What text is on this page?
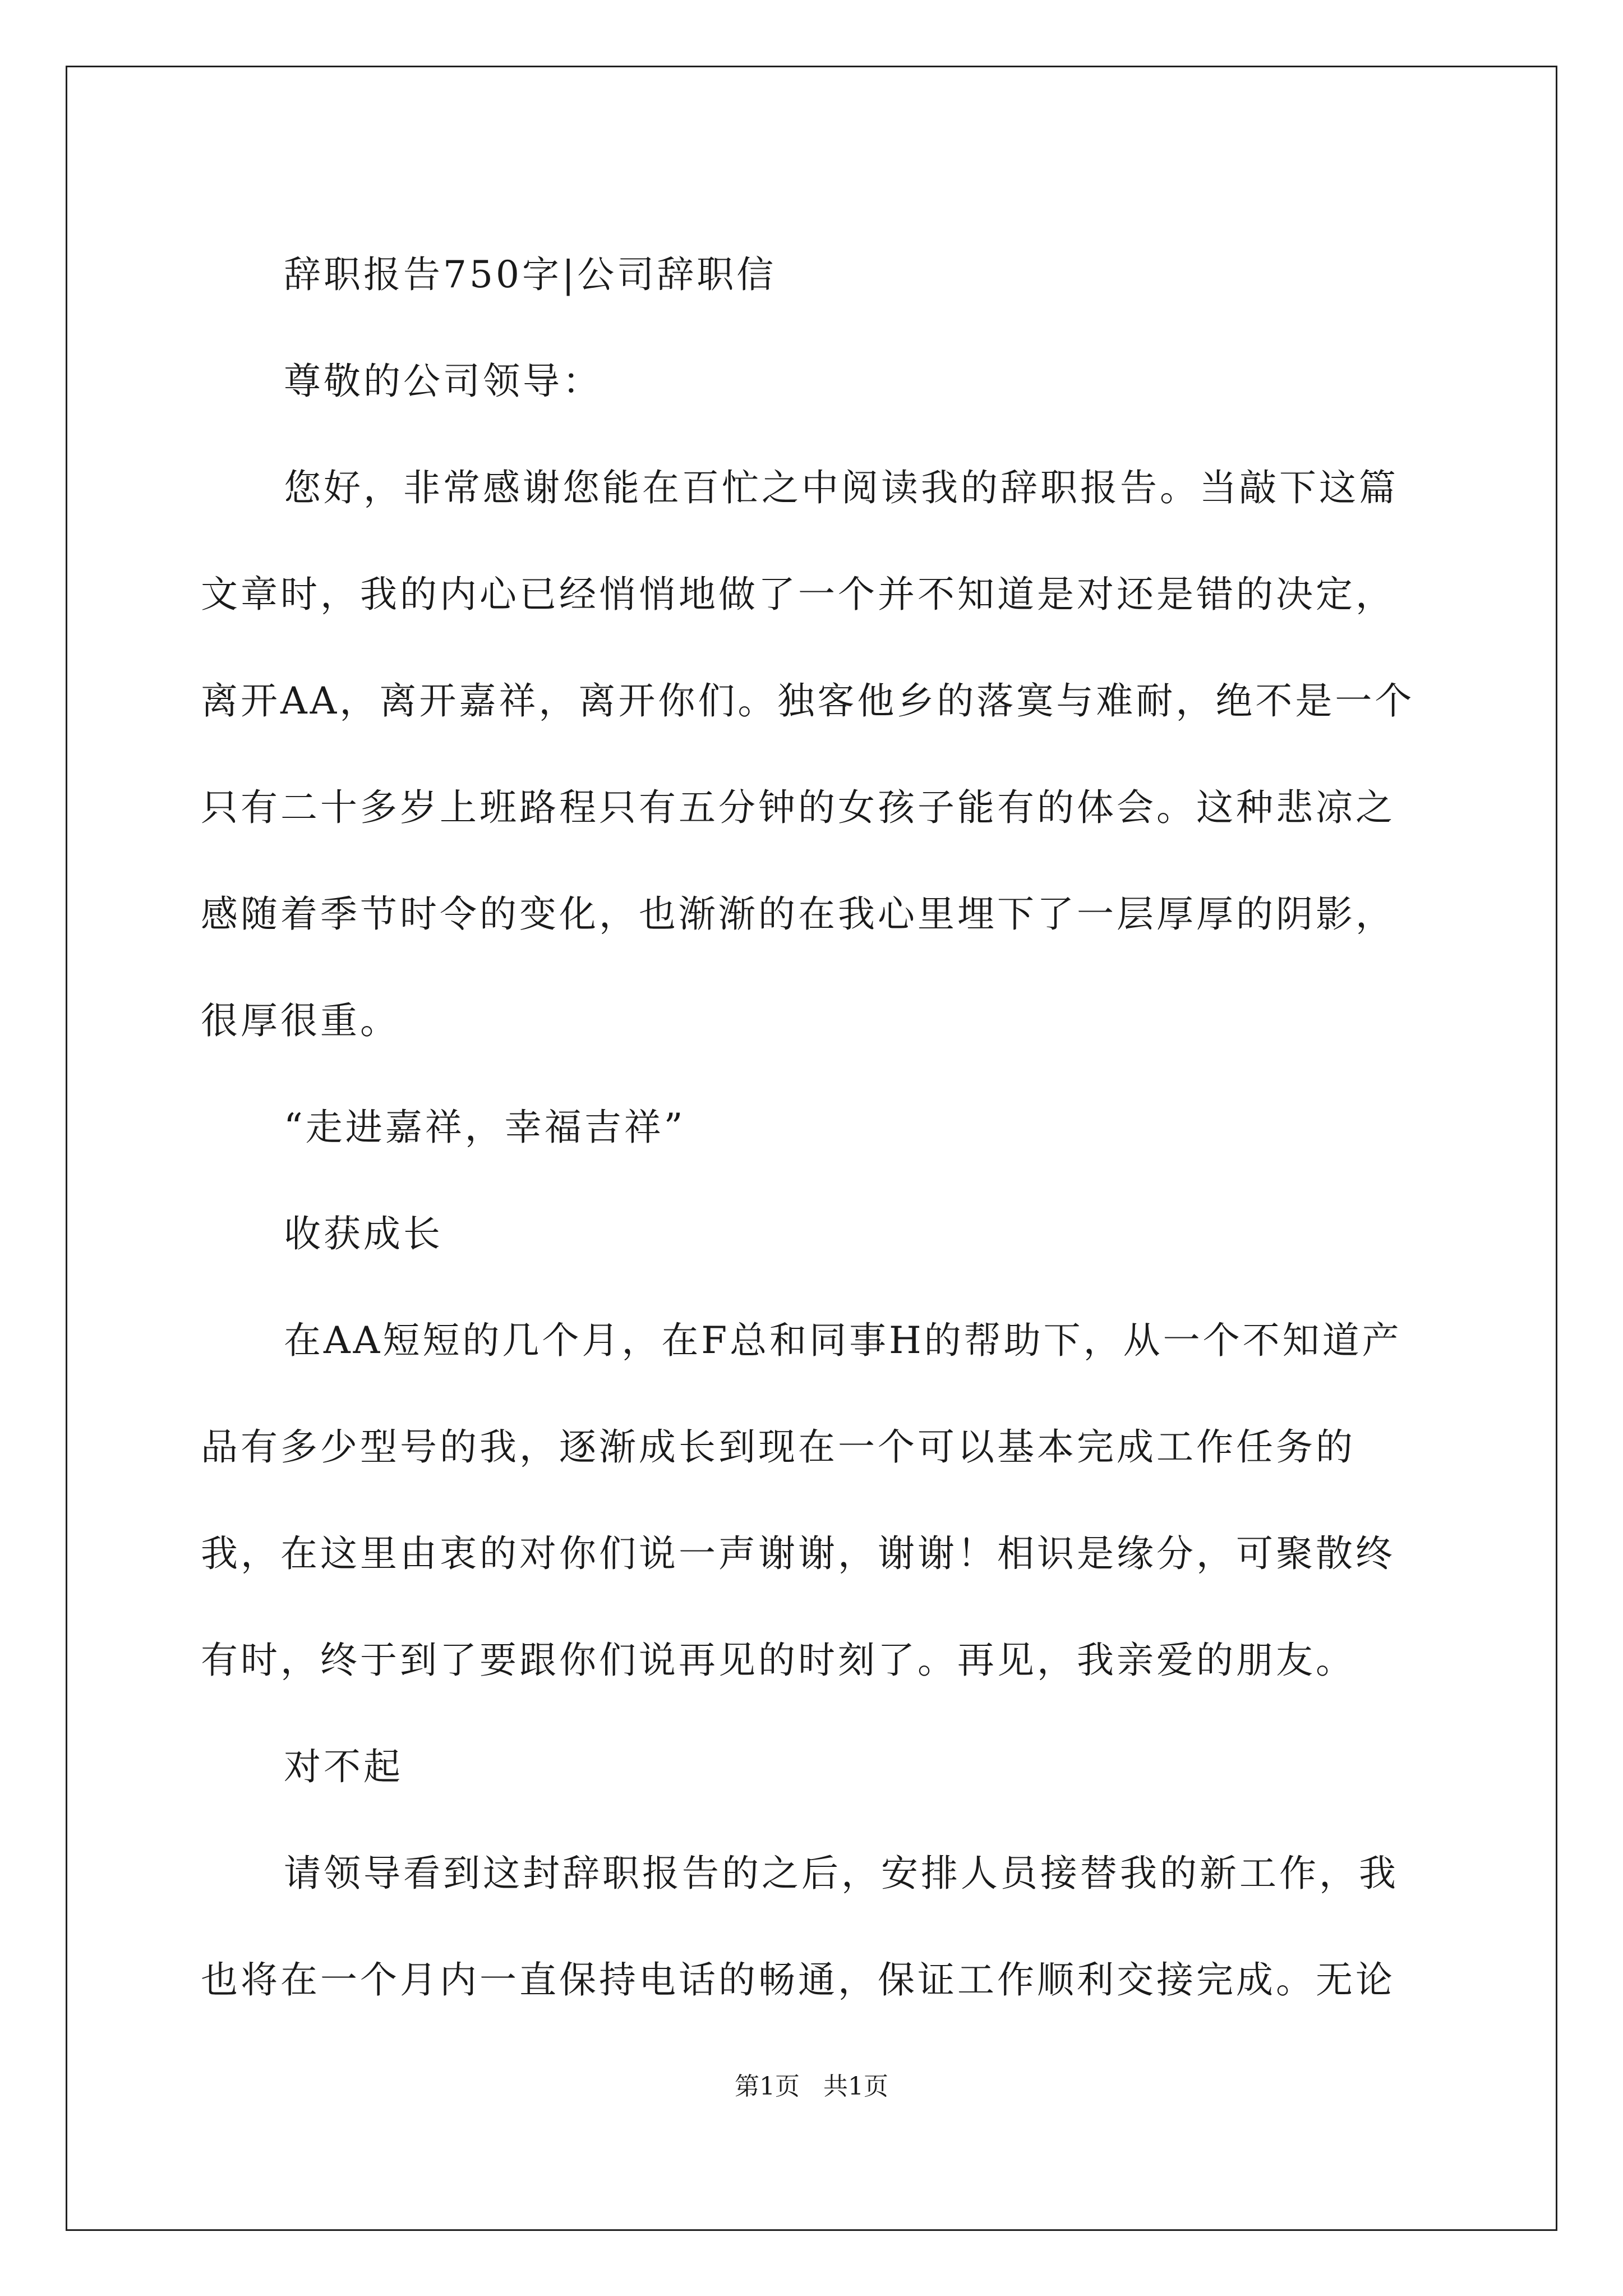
辞职报告750字|公司辞职信

尊敬的公司领导：

您好，非常感谢您能在百忙之中阅读我的辞职报告。当敲下这篇文章时，我的内心已经悄悄地做了一个并不知道是对还是错的决定，离开AA，离开嘉祥，离开你们。独客他乡的落寞与难耐，绝不是一个只有二十多岁上班路程只有五分钟的女孩子能有的体会。这种悲凉之感随着季节时令的变化，也渐渐的在我心里埋下了一层厚厚的阴影，很厚很重。

“走进嘉祥，幸福吉祥”

收获成长

在AA短短的几个月，在F总和同事H的帮助下，从一个不知道产品有多少型号的我，逐渐成长到现在一个可以基本完成工作任务的我，在这里由衷的对你们说一声谢谢，谢谢！相识是缘分，可聚散终有时，终于到了要跟你们说再见的时刻了。再见，我亲爱的朋友。

对不起

请领导看到这封辞职报告的之后，安排人员接替我的新工作，我也将在一个月内一直保持电话的畅通，保证工作顺利交接完成。无论

第1页 共1页
